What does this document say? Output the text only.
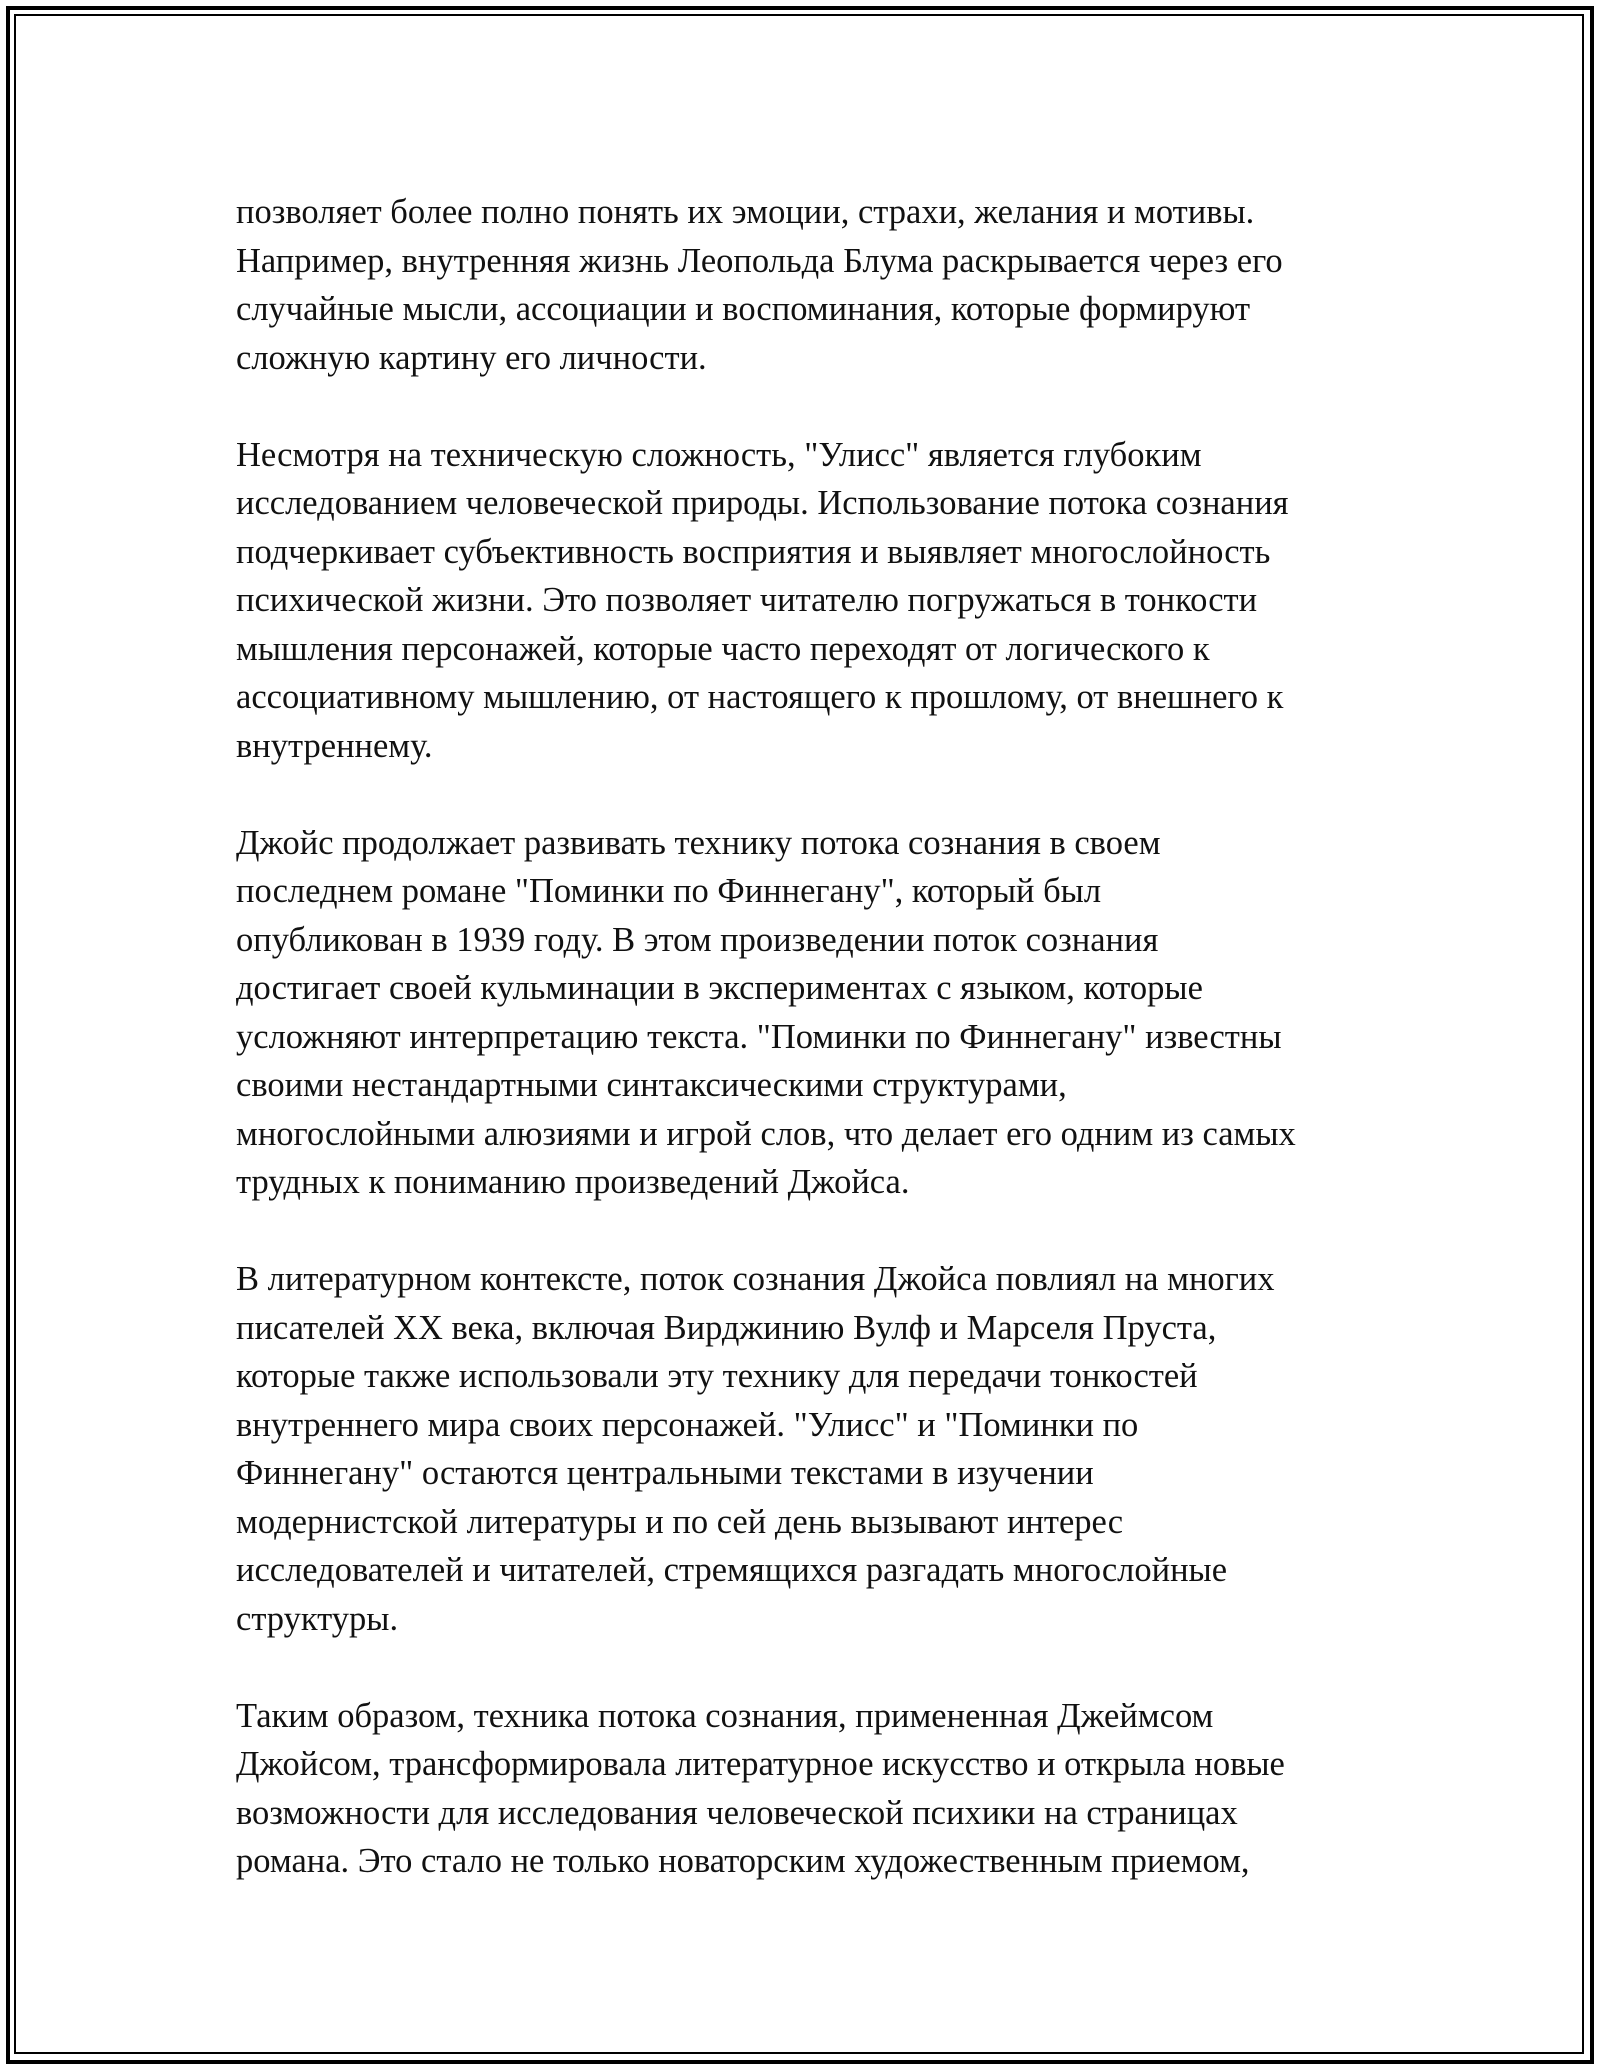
позволяет более полно понять их эмоции, страхи, желания и мотивы.
Например, внутренняя жизнь Леопольда Блума раскрывается через его
случайные мысли, ассоциации и воспоминания, которые формируют
сложную картину его личности.

Несмотря на техническую сложность, "Улисс" является глубоким
исследованием человеческой природы. Использование потока сознания
подчеркивает субъективность восприятия и выявляет многослойность
психической жизни. Это позволяет читателю погружаться в тонкости
мышления персонажей, которые часто переходят от логического к
ассоциативному мышлению, от настоящего к прошлому, от внешнего к
внутреннему.

Джойс продолжает развивать технику потока сознания в своем
последнем романе "Поминки по Финнегану", который был
опубликован в 1939 году. В этом произведении поток сознания
достигает своей кульминации в экспериментах с языком, которые
усложняют интерпретацию текста. "Поминки по Финнегану" известны
своими нестандартными синтаксическими структурами,
многослойными алюзиями и игрой слов, что делает его одним из самых
трудных к пониманию произведений Джойса.

В литературном контексте, поток сознания Джойса повлиял на многих
писателей XX века, включая Вирджинию Вулф и Марселя Пруста,
которые также использовали эту технику для передачи тонкостей
внутреннего мира своих персонажей. "Улисс" и "Поминки по
Финнегану" остаются центральными текстами в изучении
модернистской литературы и по сей день вызывают интерес
исследователей и читателей, стремящихся разгадать многослойные
структуры.

Таким образом, техника потока сознания, примененная Джеймсом
Джойсом, трансформировала литературное искусство и открыла новые
возможности для исследования человеческой психики на страницах
романа. Это стало не только новаторским художественным приемом,
